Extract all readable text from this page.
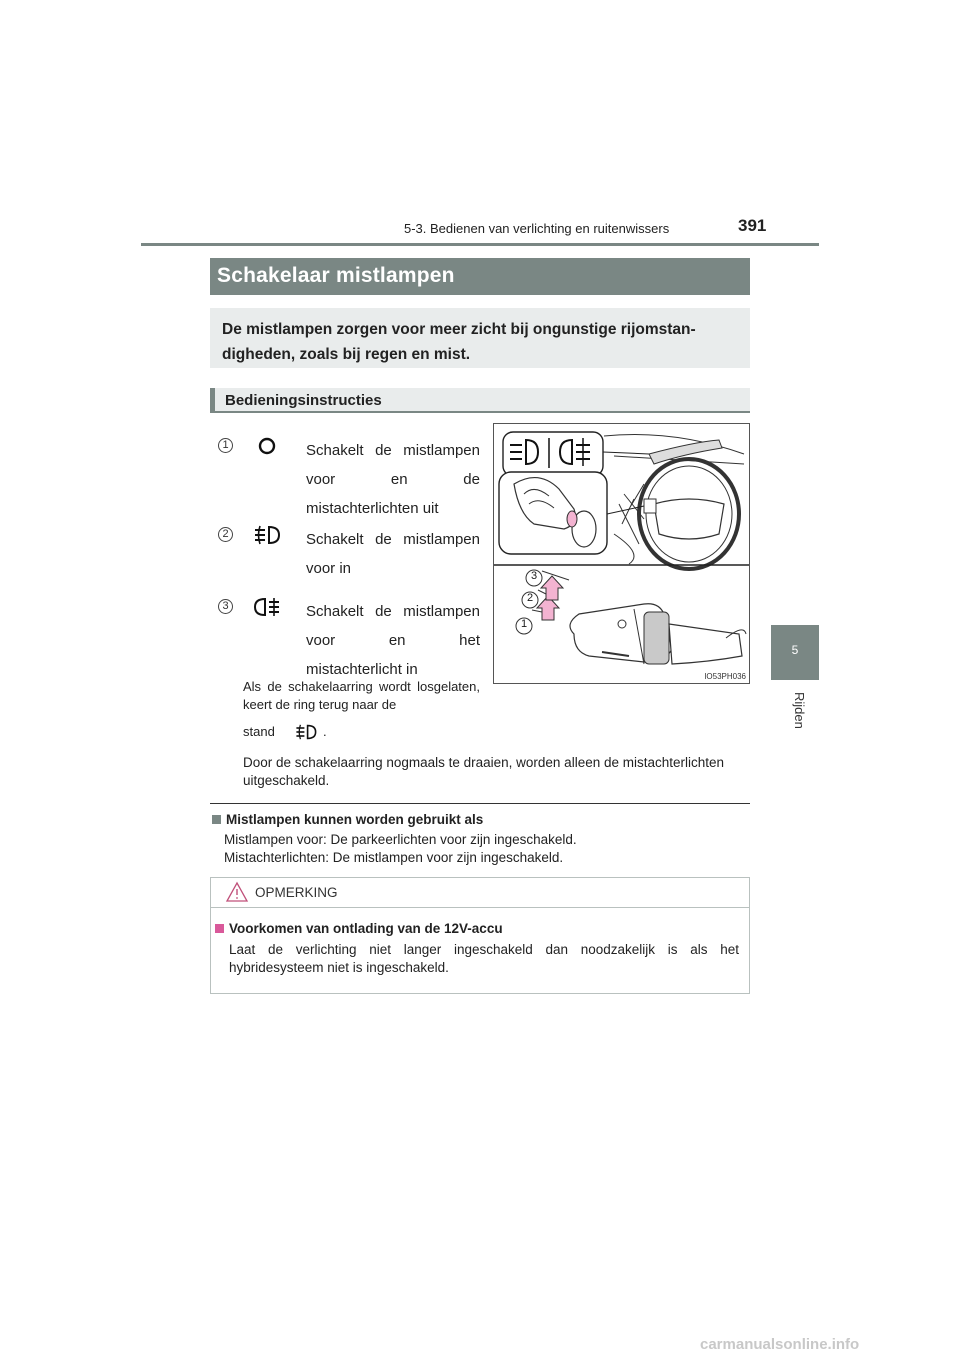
5-3. Bedienen van verlichting en ruitenwissers	391
5
Rijden
Schakelaar mistlampen
De mistlampen zorgen voor meer zicht bij ongunstige rijomstan-
digheden, zoals bij regen en mist.
Bedieningsinstructies
1	Schakelt de mistlampen voor en de mistachterlichten uit
2	Schakelt de mistlampen voor in
3	Schakelt de mistlampen voor en het mistachterlicht in
3
2
1
IO53PH036
Als de schakelaarring wordt losgelaten, keert de ring terug naar de
stand	.
Door de schakelaarring nogmaals te draaien, worden alleen de mistachterlichten uitgeschakeld.
Mistlampen kunnen worden gebruikt als
Mistlampen voor: De parkeerlichten voor zijn ingeschakeld.
Mistachterlichten: De mistlampen voor zijn ingeschakeld.
OPMERKING
Voorkomen van ontlading van de 12V-accu
Laat de verlichting niet langer ingeschakeld dan noodzakelijk is als het hybridesysteem niet is ingeschakeld.
carmanualsonline.info
